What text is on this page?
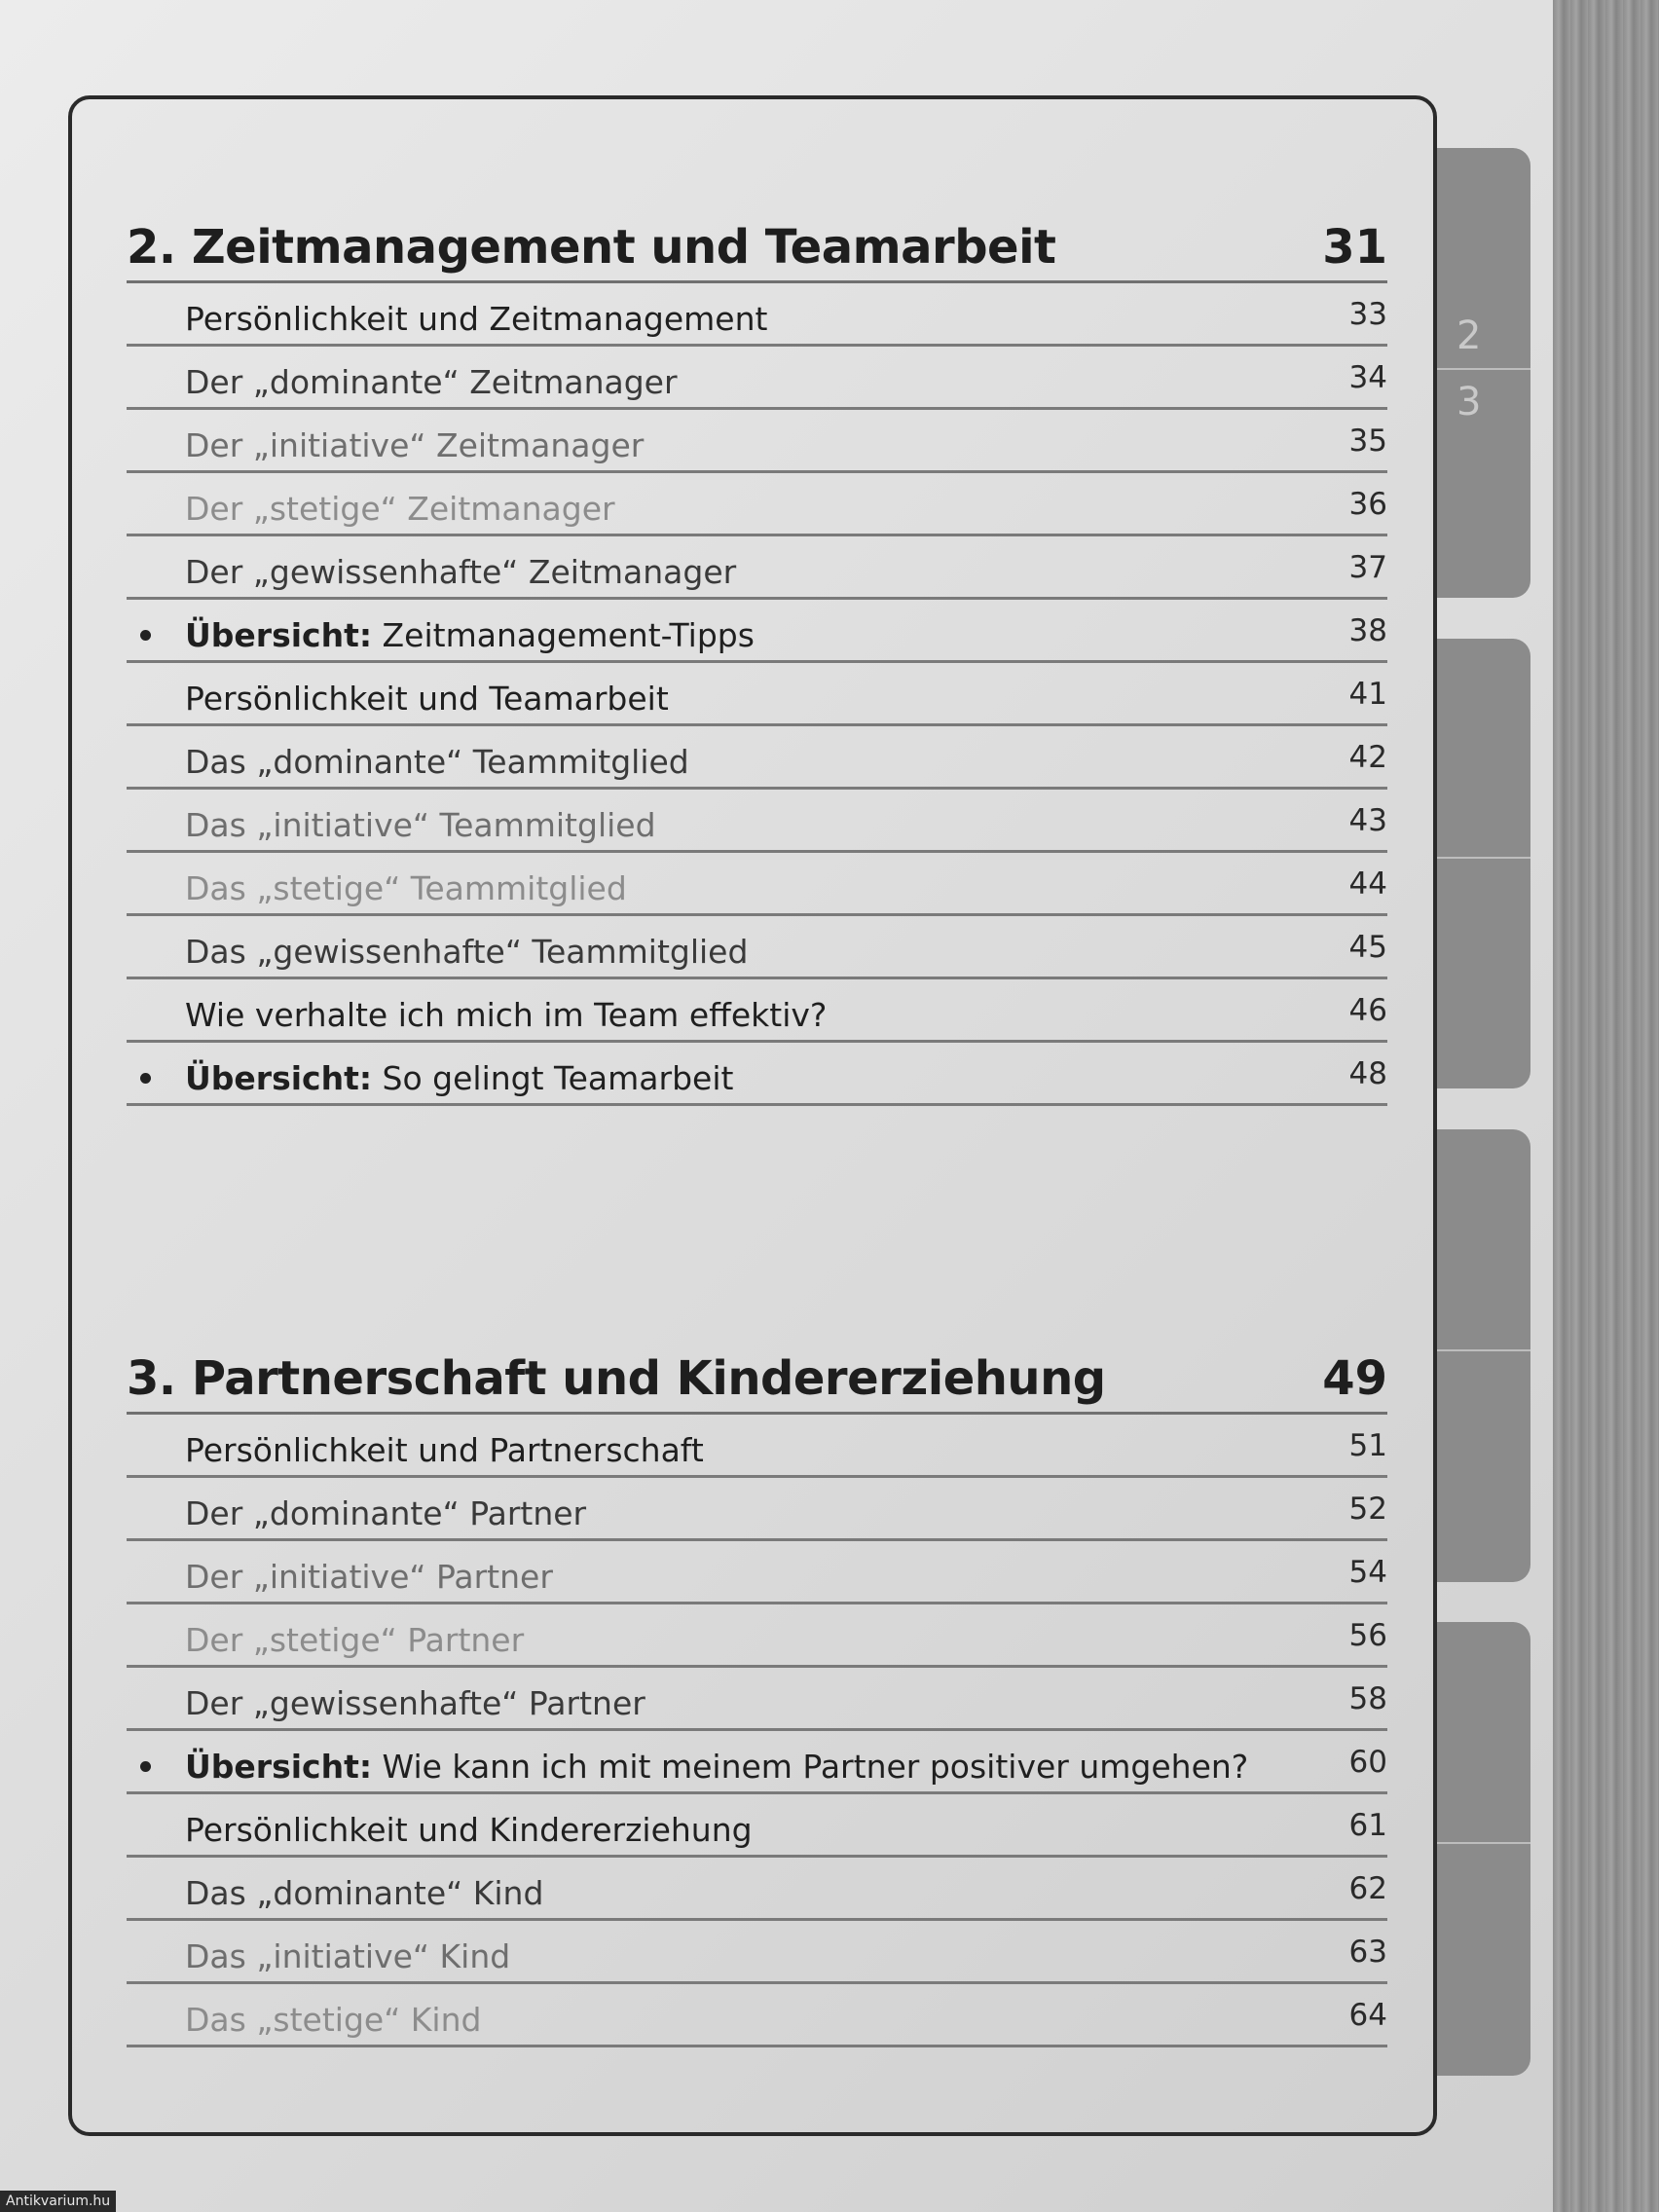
2
3
2. Zeitmanagement und Teamarbeit	31
Persönlichkeit und Zeitmanagement	33
Der „dominante“ Zeitmanager	34
Der „initiative“ Zeitmanager	35
Der „stetige“ Zeitmanager	36
Der „gewissenhafte“ Zeitmanager	37
Übersicht: Zeitmanagement-Tipps	38
Persönlichkeit und Teamarbeit	41
Das „dominante“ Teammitglied	42
Das „initiative“ Teammitglied	43
Das „stetige“ Teammitglied	44
Das „gewissenhafte“ Teammitglied	45
Wie verhalte ich mich im Team effektiv?	46
Übersicht: So gelingt Teamarbeit	48
3. Partnerschaft und Kindererziehung	49
Persönlichkeit und Partnerschaft	51
Der „dominante“ Partner	52
Der „initiative“ Partner	54
Der „stetige“ Partner	56
Der „gewissenhafte“ Partner	58
Übersicht: Wie kann ich mit meinem Partner positiver umgehen?	60
Persönlichkeit und Kindererziehung	61
Das „dominante“ Kind	62
Das „initiative“ Kind	63
Das „stetige“ Kind	64
Antikvarium.hu
